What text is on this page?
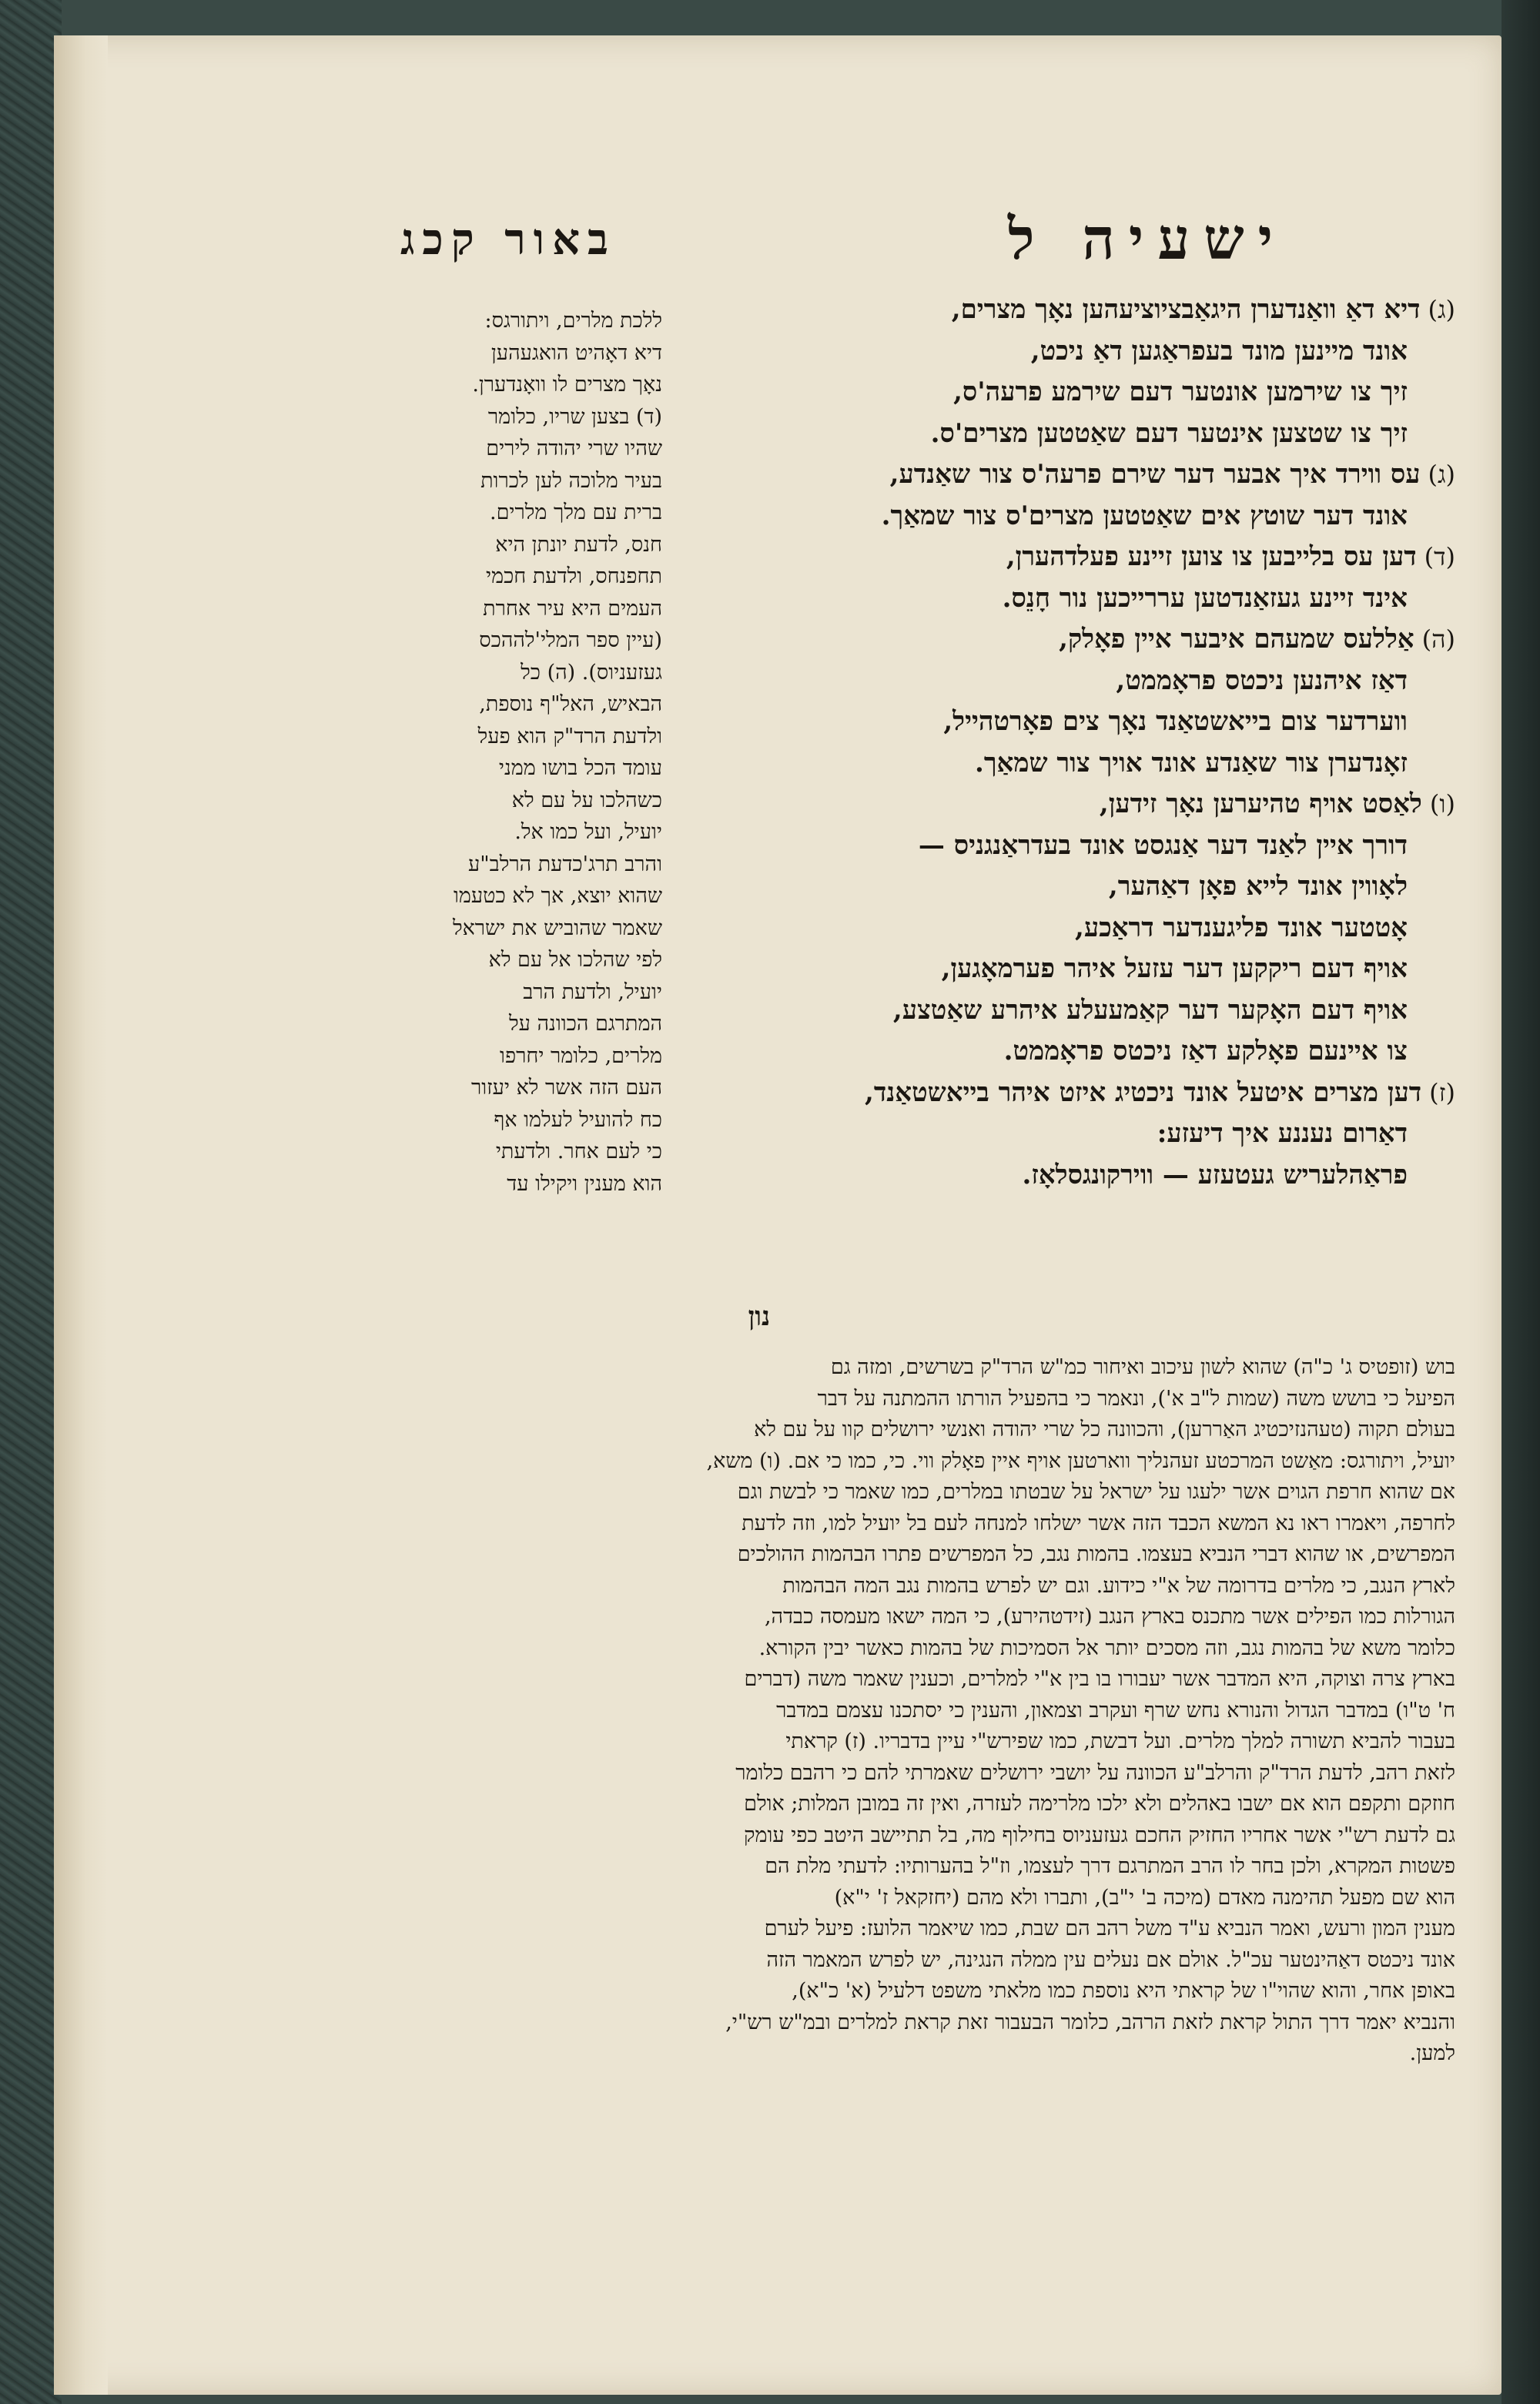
ישעיה ל
באור קכג
(ג)דיא דאַ וואַנדערן היגאַבציוציעהען נאָך מצרים,
אונד מיינען מונד בעפראַגען דאַ ניכט,
זיך צו שירמען אונטער דעם שירמע פרעה'ס,
זיך צו שטצען אינטער דעם שאַטטען מצרים'ס.
(ג)עס ווירד איך אבער דער שירם פרעה'ס צור שאַנדע,
אונד דער שוטץ אים שאַטטען מצרים'ס צור שמאַך.
(ד)דען עס בלייבען צו צוען זיינע פעלדהערן,
אינד זיינע געזאַנדטען עררייכען נור חָנֵס.
(ה)אַללעס שמעהם איבער איין פאָלק,
דאַז איהנען ניכטס פראָממט,
ווערדער צום בייאשטאַנד נאָך צים פאָרטהייל,
זאָנדערן צור שאַנדע אונד אויך צור שמאַך.
(ו)לאַסט אויף טהיערען נאָך זידען,
דורך איין לאַנד דער אַנגסט אונד בעדראַנגניס —
לאָווין אונד לייא פאָן דאַהער,
אָטטער אונד פליגענדער דראַכע,
אויף דעם ריקקען דער עזעל איהר פערמאָגען,
אויף דעם האָקער דער קאַמעעלע איהרע שאַטצע,
צו איינעם פאָלקע דאַז ניכטס פראָממט.
(ז)דען מצרים איטעל אונד ניכטיג איזט איהר בייאשטאַנד,
דאַרום נעננע איך דיעזע:
פראַהלעריש געטעזע — ווירקונגסלאָז.
ללכת מלרים, ויתורגס:
דיא דאָהיט הואגעהען
נאָך מצרים לו וואָנדערן.
(ד) בצען שריו, כלומר
שהיו שרי יהודה לירים
בעיר מלוכה לען לכרות
ברית עם מלך מלרים.
חנס, לדעת יונתן היא
תחפנחס, ולדעת חכמי
העמים היא עיר אחרת
(עיין ספר המלי'לההכס
געזעניוס). (ה) כל
הבאיש, האל"ף נוספת,
ולדעת הרד"ק הוא פעל
עומד הכל בושו ממני
כשהלכו על עם לא
יועיל, ועל כמו אל.
והרב תרג'כדעת הרלב"ע
שהוא יוצא, אך לא כטעמו
שאמר שהוביש את ישראל
לפי שהלכו אל עם לא
יועיל, ולדעת הרב
המתרגם הכוונה על
מלרים, כלומר יחרפו
העם הזה אשר לא יעזור
כח להועיל לעלמו אף
כי לעם אחר. ולדעתי
הוא מענין ויקילו עד
נון
בוש (זופטיס ג' כ"ה) שהוא לשון עיכוב ואיחור כמ"ש הרד"ק בשרשים, ומזה גם
הפיעל כי בושש משה (שמות ל"ב א'), ונאמר כי בהפעיל הורתו ההמתנה על דבר
בעולם תקוה (טעהנזיכטיג האַררען), והכוונה כל שרי יהודה ואנשי ירושלים קוו על עם לא
יועיל, ויתורגס: מאַשט המרכטע זעהנליך ווארטען אויף איין פאָלק ווי. כי, כמו כי אם. (ו) משא,
אם שהוא חרפת הגוים אשר ילעגו על ישראל על שבטתו במלרים, כמו שאמר כי לבשת וגם
לחרפה, ויאמרו ראו נא המשא הכבד הזה אשר ישלחו למנחה לעם בל יועיל למו, וזה לדעת
המפרשים, או שהוא דברי הנביא בעצמו. בהמות נגב, כל המפרשים פתרו הבהמות ההולכים
לארץ הנגב, כי מלרים בדרומה של א"י כידוע. וגם יש לפרש בהמות נגב המה הבהמות
הגורלות כמו הפילים אשר מתכנס בארץ הנגב (זידטהירע), כי המה ישאו מעמסה כבדה,
כלומר משא של בהמות נגב, וזה מסכים יותר אל הסמיכות של בהמות כאשר יבין הקורא.
בארץ צרה וצוקה, היא המדבר אשר יעבורו בו בין א"י למלרים, וכענין שאמר משה (דברים
ח' ט"ו) במדבר הגדול והנורא נחש שרף ועקרב וצמאון, והענין כי יסתכנו עצמם במדבר
בעבור להביא תשורה למלך מלרים. ועל דבשת, כמו שפירש"י עיין בדבריו. (ז) קראתי
לזאת רהב, לדעת הרד"ק והרלב"ע הכוונה על יושבי ירושלים שאמרתי להם כי רהבם כלומר
חוזקם ותקפם הוא אם ישבו באהלים ולא ילכו מלרימה לעזרה, ואין זה במובן המלות; אולם
גם לדעת רש"י אשר אחריו החזיק החכם געזעניוס בחילוף מה, בל תתיישב היטב כפי עומק
פשטות המקרא, ולכן בחר לו הרב המתרגם דרך לעצמו, וז"ל בהערותיו: לדעתי מלת הם
הוא שם מפעל תהימנה מאדם (מיכה ב' י"ב), ותברו ולא מהם (יחזקאל ז' י"א)
מענין המון ורעש, ואמר הנביא ע"ד משל רהב הם שבת, כמו שיאמר הלועז: פיעל לערם
אונד ניכטס דאַהינטער עכ"ל. אולם אם נעלים עין ממלה הנגינה, יש לפרש המאמר הזה
באופן אחר, והוא שהוי"ו של קראתי היא נוספת כמו מלאתי משפט דלעיל (א' כ"א),
והנביא יאמר דרך התול קראת לזאת הרהב, כלומר הבעבור זאת קראת למלרים ובמ"ש רש"י,
למען.
